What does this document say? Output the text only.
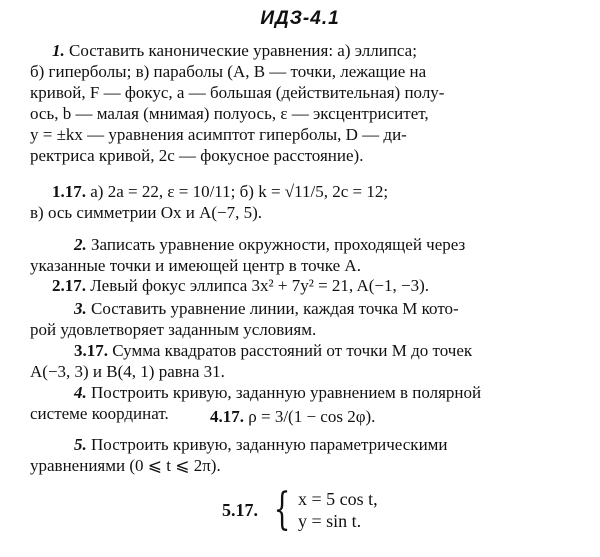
ИДЗ-4.1
1. Составить канонические уравнения: а) эллипса;
б) гиперболы; в) параболы (A, B — точки, лежащие на
кривой, F — фокус, a — большая (действительная) полу-
ось, b — малая (мнимая) полуось, ε — эксцентриситет,
y = ±kx — уравнения асимптот гиперболы, D — ди-
ректриса кривой, 2c — фокусное расстояние).
1.17. а) 2a = 22, ε = 10/11; б) k = √11/5, 2c = 12;
в) ось симметрии Ox и A(−7, 5).
2. Записать уравнение окружности, проходящей через
указанные точки и имеющей центр в точке A.
2.17. Левый фокус эллипса 3x² + 7y² = 21, A(−1, −3).
3. Составить уравнение линии, каждая точка M кото-
рой удовлетворяет заданным условиям.
3.17. Сумма квадратов расстояний от точки M до точек
A(−3, 3) и B(4, 1) равна 31.
4. Построить кривую, заданную уравнением в полярной
системе координат.	4.17. ρ = 3/(1 − cos 2φ).
5. Построить кривую, заданную параметрическими
уравнениями (0 ⩽ t ⩽ 2π).
5.17. { x = 5 cos t,
y = sin t.
